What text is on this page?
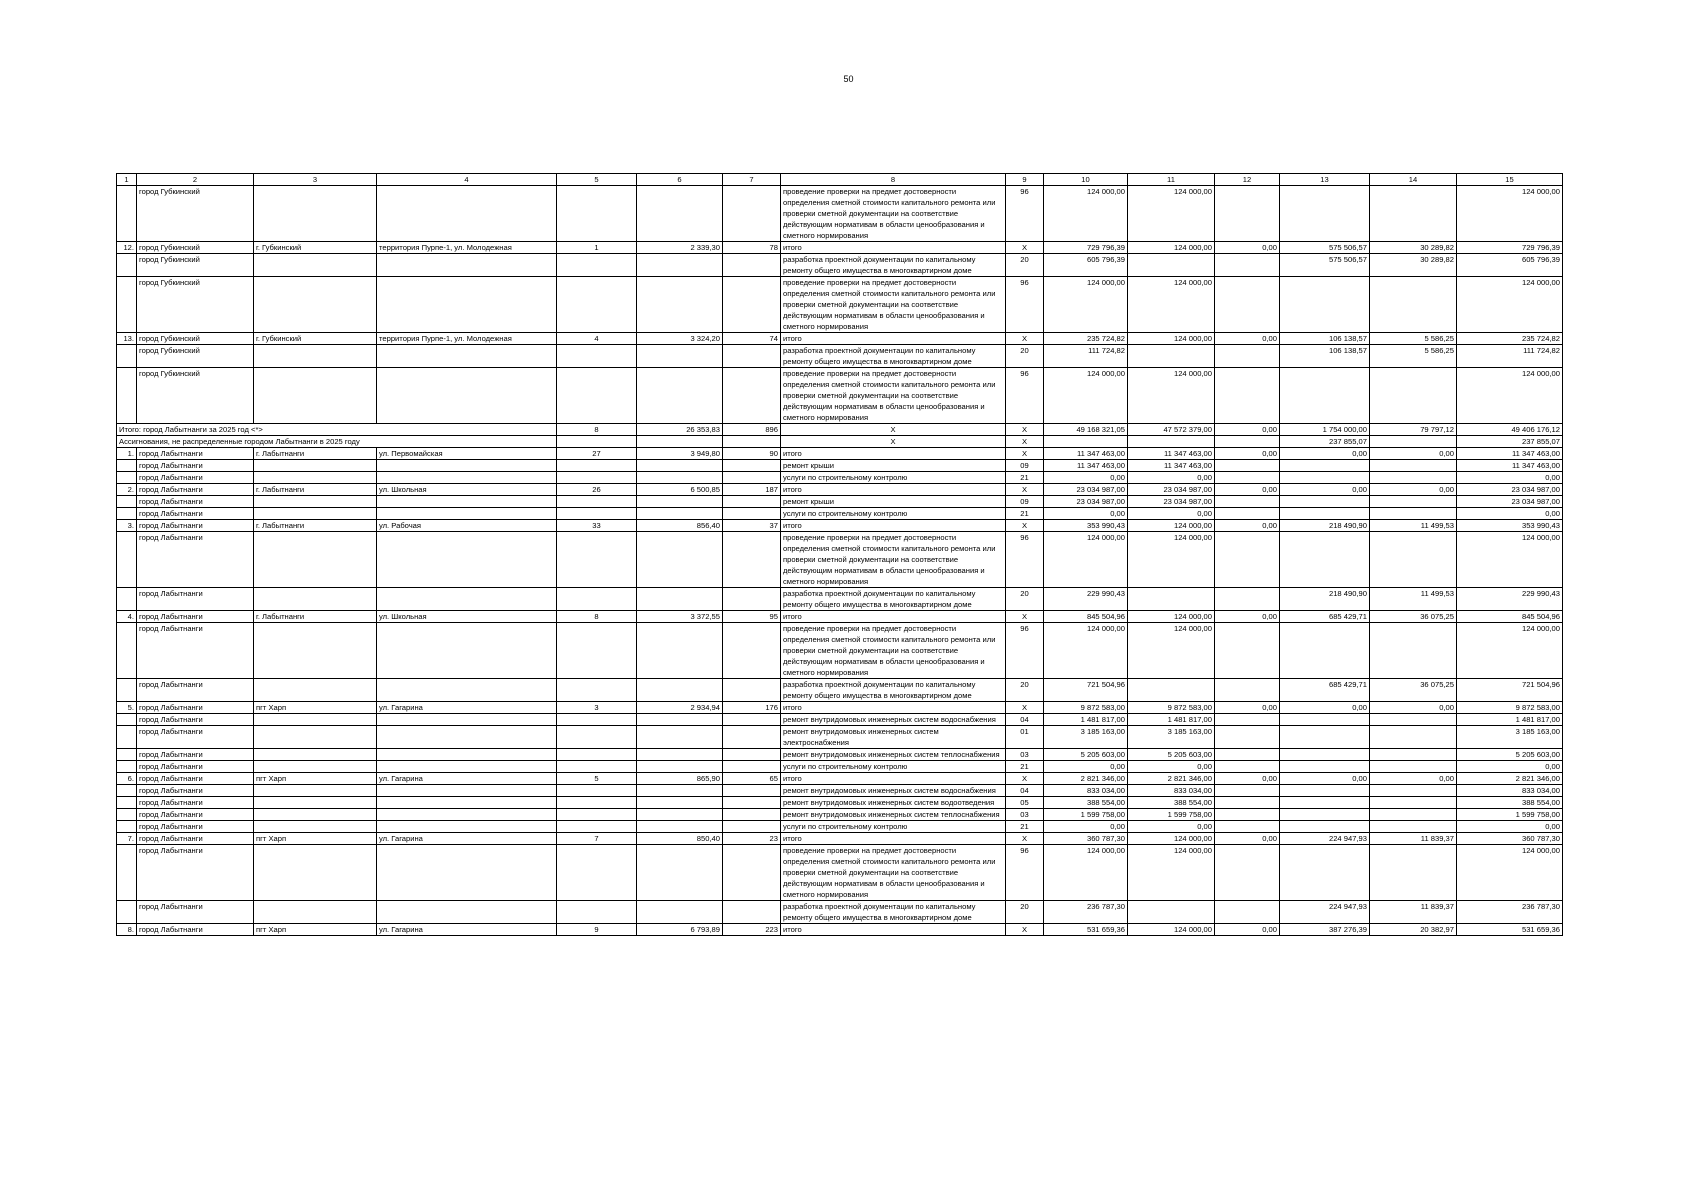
50
1	2	3	4	5	6	7	8	9	10	11	12	13	14	15
	город Губкинский						проведение проверки на предмет достоверности определения сметной стоимости капитального ремонта или проверки сметной документации на соответствие действующим нормативам в области ценообразования и сметного нормирования	96	124 000,00	124 000,00				124 000,00
12.	город Губкинский	г. Губкинский	территория Пурпе-1, ул. Молодежная	1	2 339,30	78	итого	Х	729 796,39	124 000,00	0,00	575 506,57	30 289,82	729 796,39
	город Губкинский						разработка проектной документации по капитальному ремонту общего имущества в многоквартирном доме	20	605 796,39			575 506,57	30 289,82	605 796,39
	город Губкинский						проведение проверки на предмет достоверности определения сметной стоимости капитального ремонта или проверки сметной документации на соответствие действующим нормативам в области ценообразования и сметного нормирования	96	124 000,00	124 000,00				124 000,00
13.	город Губкинский	г. Губкинский	территория Пурпе-1, ул. Молодежная	4	3 324,20	74	итого	Х	235 724,82	124 000,00	0,00	106 138,57	5 586,25	235 724,82
	город Губкинский						разработка проектной документации по капитальному ремонту общего имущества в многоквартирном доме	20	111 724,82			106 138,57	5 586,25	111 724,82
	город Губкинский						проведение проверки на предмет достоверности определения сметной стоимости капитального ремонта или проверки сметной документации на соответствие действующим нормативам в области ценообразования и сметного нормирования	96	124 000,00	124 000,00				124 000,00
Итого: город Лабытнанги за 2025 год <*>				8	26 353,83	896	Х	Х	49 168 321,05	47 572 379,00	0,00	1 754 000,00	79 797,12	49 406 176,12
Ассигнования, не распределенные городом Лабытнанги в 2025 году							Х	Х				237 855,07		237 855,07
1.	город Лабытнанги	г. Лабытнанги	ул. Первомайская	27	3 949,80	90	итого	Х	11 347 463,00	11 347 463,00	0,00	0,00	0,00	11 347 463,00
	город Лабытнанги						ремонт крыши	09	11 347 463,00	11 347 463,00				11 347 463,00
	город Лабытнанги						услуги по строительному контролю	21	0,00	0,00				0,00
2.	город Лабытнанги	г. Лабытнанги	ул. Школьная	26	6 500,85	187	итого	Х	23 034 987,00	23 034 987,00	0,00	0,00	0,00	23 034 987,00
	город Лабытнанги						ремонт крыши	09	23 034 987,00	23 034 987,00				23 034 987,00
	город Лабытнанги						услуги по строительному контролю	21	0,00	0,00				0,00
3.	город Лабытнанги	г. Лабытнанги	ул. Рабочая	33	856,40	37	итого	Х	353 990,43	124 000,00	0,00	218 490,90	11 499,53	353 990,43
	город Лабытнанги						проведение проверки на предмет достоверности определения сметной стоимости капитального ремонта или проверки сметной документации на соответствие действующим нормативам в области ценообразования и сметного нормирования	96	124 000,00	124 000,00				124 000,00
	город Лабытнанги						разработка проектной документации по капитальному ремонту общего имущества в многоквартирном доме	20	229 990,43			218 490,90	11 499,53	229 990,43
4.	город Лабытнанги	г. Лабытнанги	ул. Школьная	8	3 372,55	95	итого	Х	845 504,96	124 000,00	0,00	685 429,71	36 075,25	845 504,96
	город Лабытнанги						проведение проверки на предмет достоверности определения сметной стоимости капитального ремонта или проверки сметной документации на соответствие действующим нормативам в области ценообразования и сметного нормирования	96	124 000,00	124 000,00				124 000,00
	город Лабытнанги						разработка проектной документации по капитальному ремонту общего имущества в многоквартирном доме	20	721 504,96			685 429,71	36 075,25	721 504,96
5.	город Лабытнанги	пгт Харп	ул. Гагарина	3	2 934,94	176	итого	Х	9 872 583,00	9 872 583,00	0,00	0,00	0,00	9 872 583,00
	город Лабытнанги						ремонт внутридомовых инженерных систем водоснабжения	04	1 481 817,00	1 481 817,00				1 481 817,00
	город Лабытнанги						ремонт внутридомовых инженерных систем электроснабжения	01	3 185 163,00	3 185 163,00				3 185 163,00
	город Лабытнанги						ремонт внутридомовых инженерных систем теплоснабжения	03	5 205 603,00	5 205 603,00				5 205 603,00
	город Лабытнанги						услуги по строительному контролю	21	0,00	0,00				0,00
6.	город Лабытнанги	пгт Харп	ул. Гагарина	5	865,90	65	итого	Х	2 821 346,00	2 821 346,00	0,00	0,00	0,00	2 821 346,00
	город Лабытнанги						ремонт внутридомовых инженерных систем водоснабжения	04	833 034,00	833 034,00				833 034,00
	город Лабытнанги						ремонт внутридомовых инженерных систем водоотведения	05	388 554,00	388 554,00				388 554,00
	город Лабытнанги						ремонт внутридомовых инженерных систем теплоснабжения	03	1 599 758,00	1 599 758,00				1 599 758,00
	город Лабытнанги						услуги по строительному контролю	21	0,00	0,00				0,00
7.	город Лабытнанги	пгт Харп	ул. Гагарина	7	850,40	23	итого	Х	360 787,30	124 000,00	0,00	224 947,93	11 839,37	360 787,30
	город Лабытнанги						проведение проверки на предмет достоверности определения сметной стоимости капитального ремонта или проверки сметной документации на соответствие действующим нормативам в области ценообразования и сметного нормирования	96	124 000,00	124 000,00				124 000,00
	город Лабытнанги						разработка проектной документации по капитальному ремонту общего имущества в многоквартирном доме	20	236 787,30			224 947,93	11 839,37	236 787,30
8.	город Лабытнанги	пгт Харп	ул. Гагарина	9	6 793,89	223	итого	Х	531 659,36	124 000,00	0,00	387 276,39	20 382,97	531 659,36
